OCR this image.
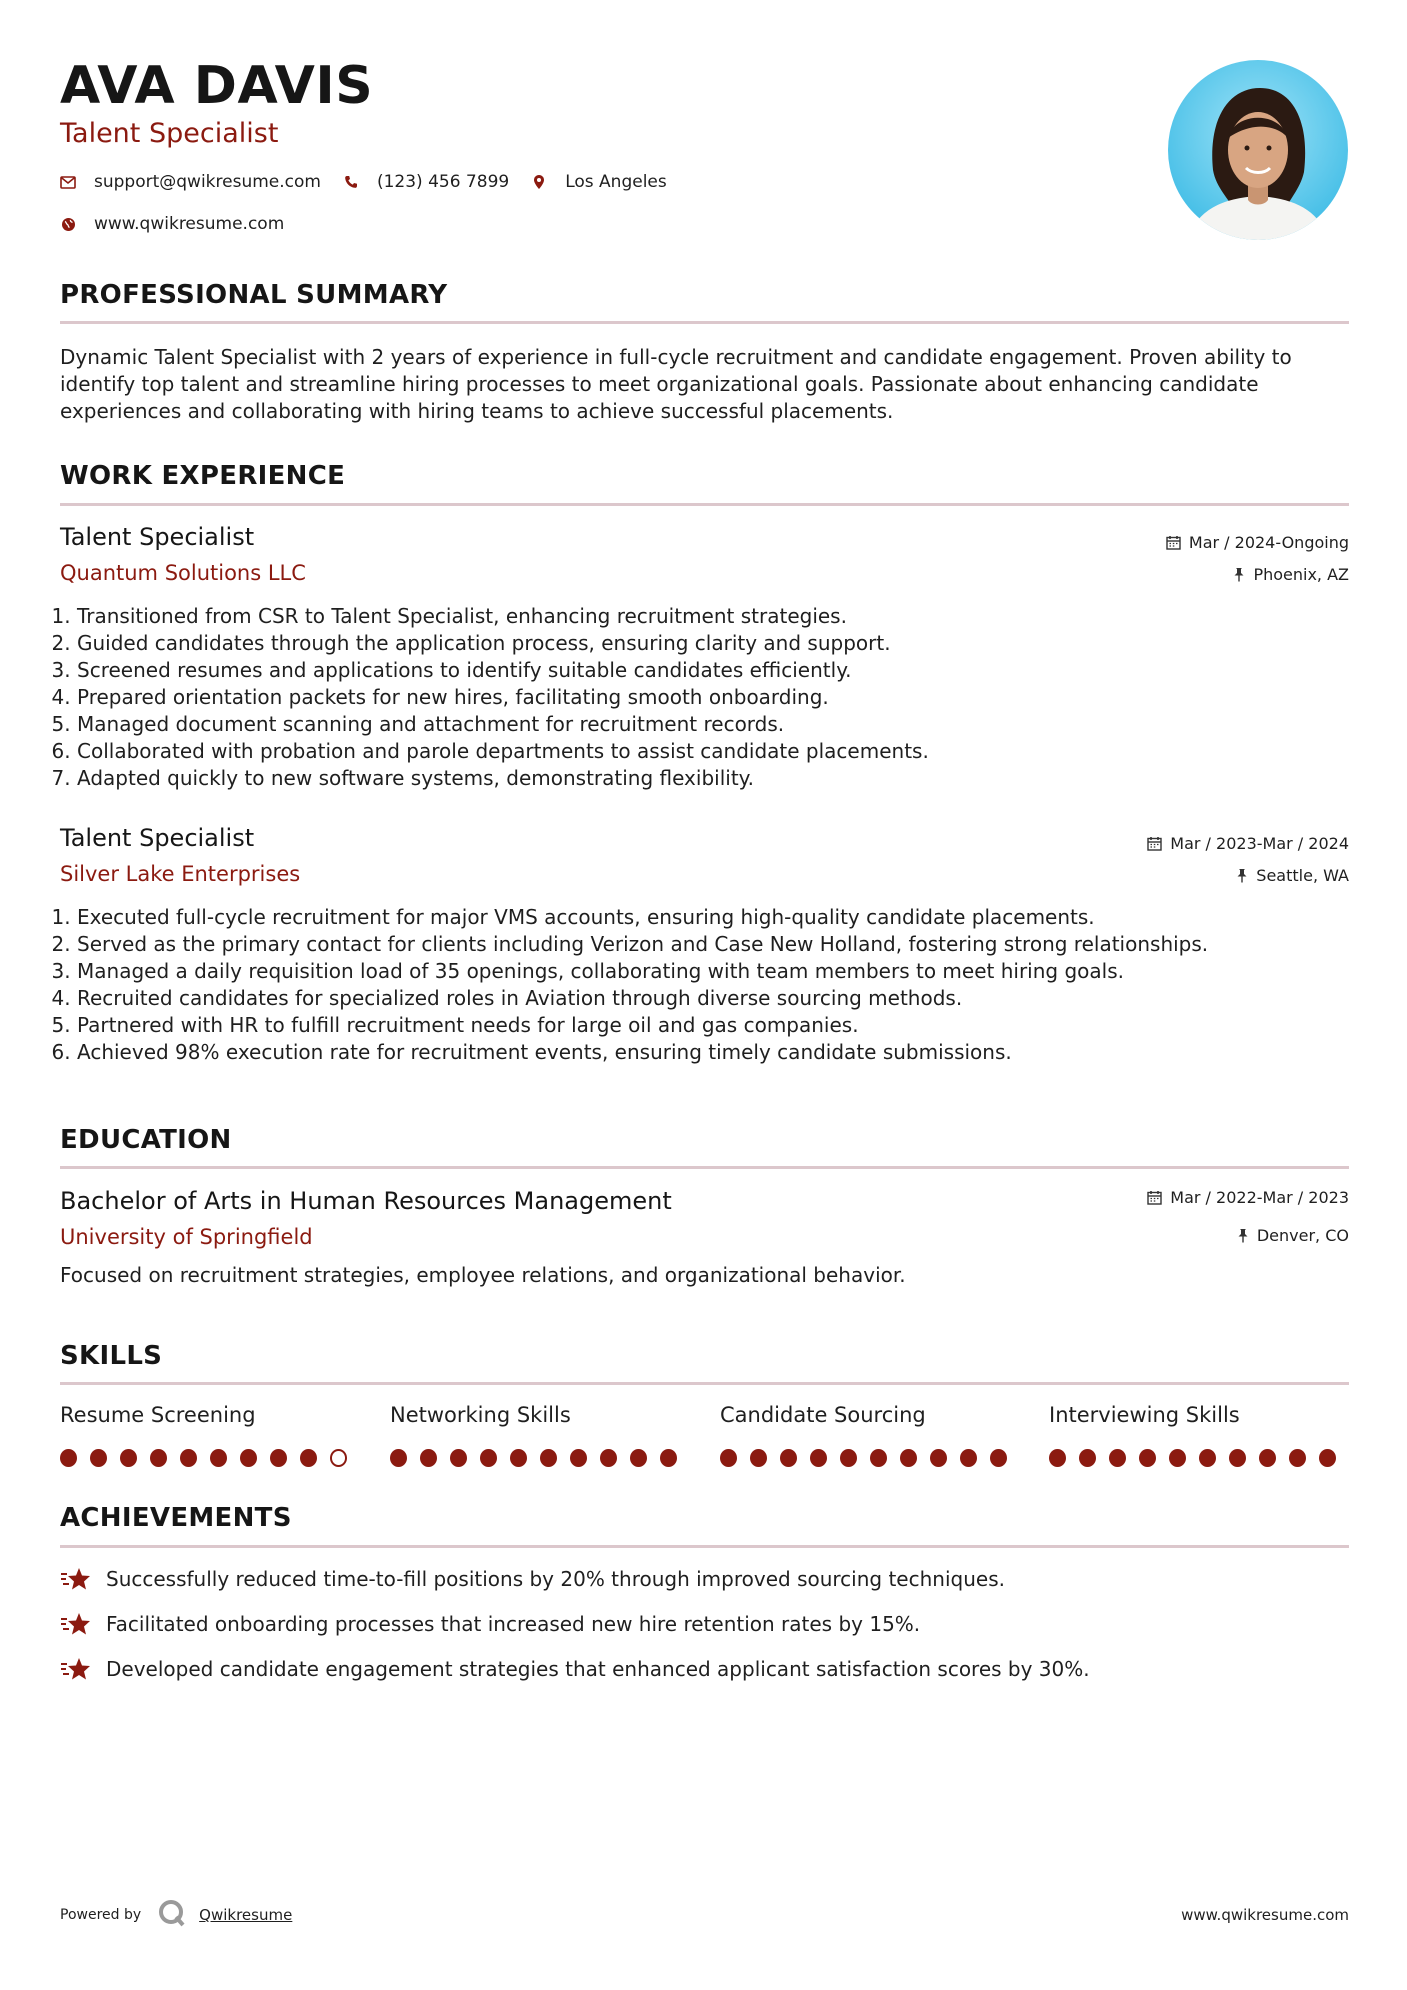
AVA DAVIS
Talent Specialist
support@qwikresume.com	(123) 456 7899	Los Angeles
www.qwikresume.com
PROFESSIONAL SUMMARY

Dynamic Talent Specialist with 2 years of experience in full-cycle recruitment and candidate engagement. Proven ability to identify top talent and streamline hiring processes to meet organizational goals. Passionate about enhancing candidate experiences and collaborating with hiring teams to achieve successful placements.

WORK EXPERIENCE
Talent Specialist
Quantum Solutions LLC
Mar / 2024-Ongoing
Phoenix, AZ
1. Transitioned from CSR to Talent Specialist, enhancing recruitment strategies.
2. Guided candidates through the application process, ensuring clarity and support.
3. Screened resumes and applications to identify suitable candidates efficiently.
4. Prepared orientation packets for new hires, facilitating smooth onboarding.
5. Managed document scanning and attachment for recruitment records.
6. Collaborated with probation and parole departments to assist candidate placements.
7. Adapted quickly to new software systems, demonstrating flexibility.
Talent Specialist
Silver Lake Enterprises
Mar / 2023-Mar / 2024
Seattle, WA
1. Executed full-cycle recruitment for major VMS accounts, ensuring high-quality candidate placements.
2. Served as the primary contact for clients including Verizon and Case New Holland, fostering strong relationships.
3. Managed a daily requisition load of 35 openings, collaborating with team members to meet hiring goals.
4. Recruited candidates for specialized roles in Aviation through diverse sourcing methods.
5. Partnered with HR to fulfill recruitment needs for large oil and gas companies.
6. Achieved 98% execution rate for recruitment events, ensuring timely candidate submissions.
EDUCATION
Bachelor of Arts in Human Resources Management
University of Springfield
Mar / 2022-Mar / 2023
Denver, CO

Focused on recruitment strategies, employee relations, and organizational behavior.

SKILLS
Resume Screening	Networking Skills	Candidate Sourcing	Interviewing Skills
ACHIEVEMENTS
Successfully reduced time-to-fill positions by 20% through improved sourcing techniques.
Facilitated onboarding processes that increased new hire retention rates by 15%.
Developed candidate engagement strategies that enhanced applicant satisfaction scores by 30%.
Powered by	Qwikresume	www.qwikresume.com
